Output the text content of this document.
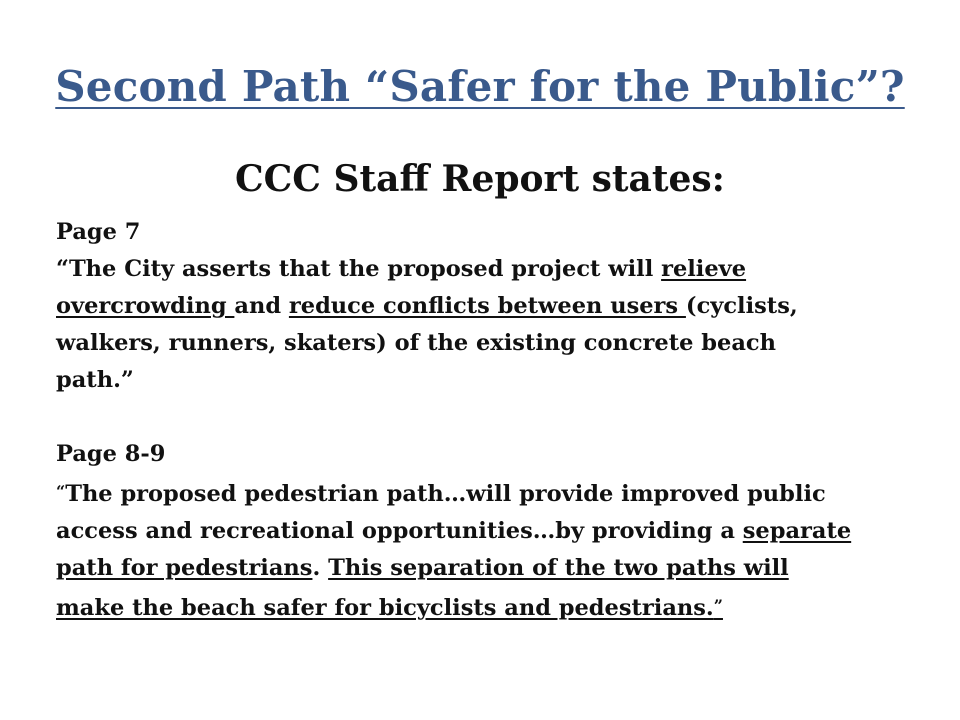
Second Path “Safer for the Public”?
CCC Staff Report states:
Page 7
“The City asserts that the proposed project will relieve
overcrowding and reduce conflicts between users (cyclists,
walkers, runners, skaters) of the existing concrete beach
path.”
Page 8-9
“The proposed pedestrian path…will provide improved public
access and recreational opportunities…by providing a separate
path for pedestrians. This separation of the two paths will
make the beach safer for bicyclists and pedestrians.”
